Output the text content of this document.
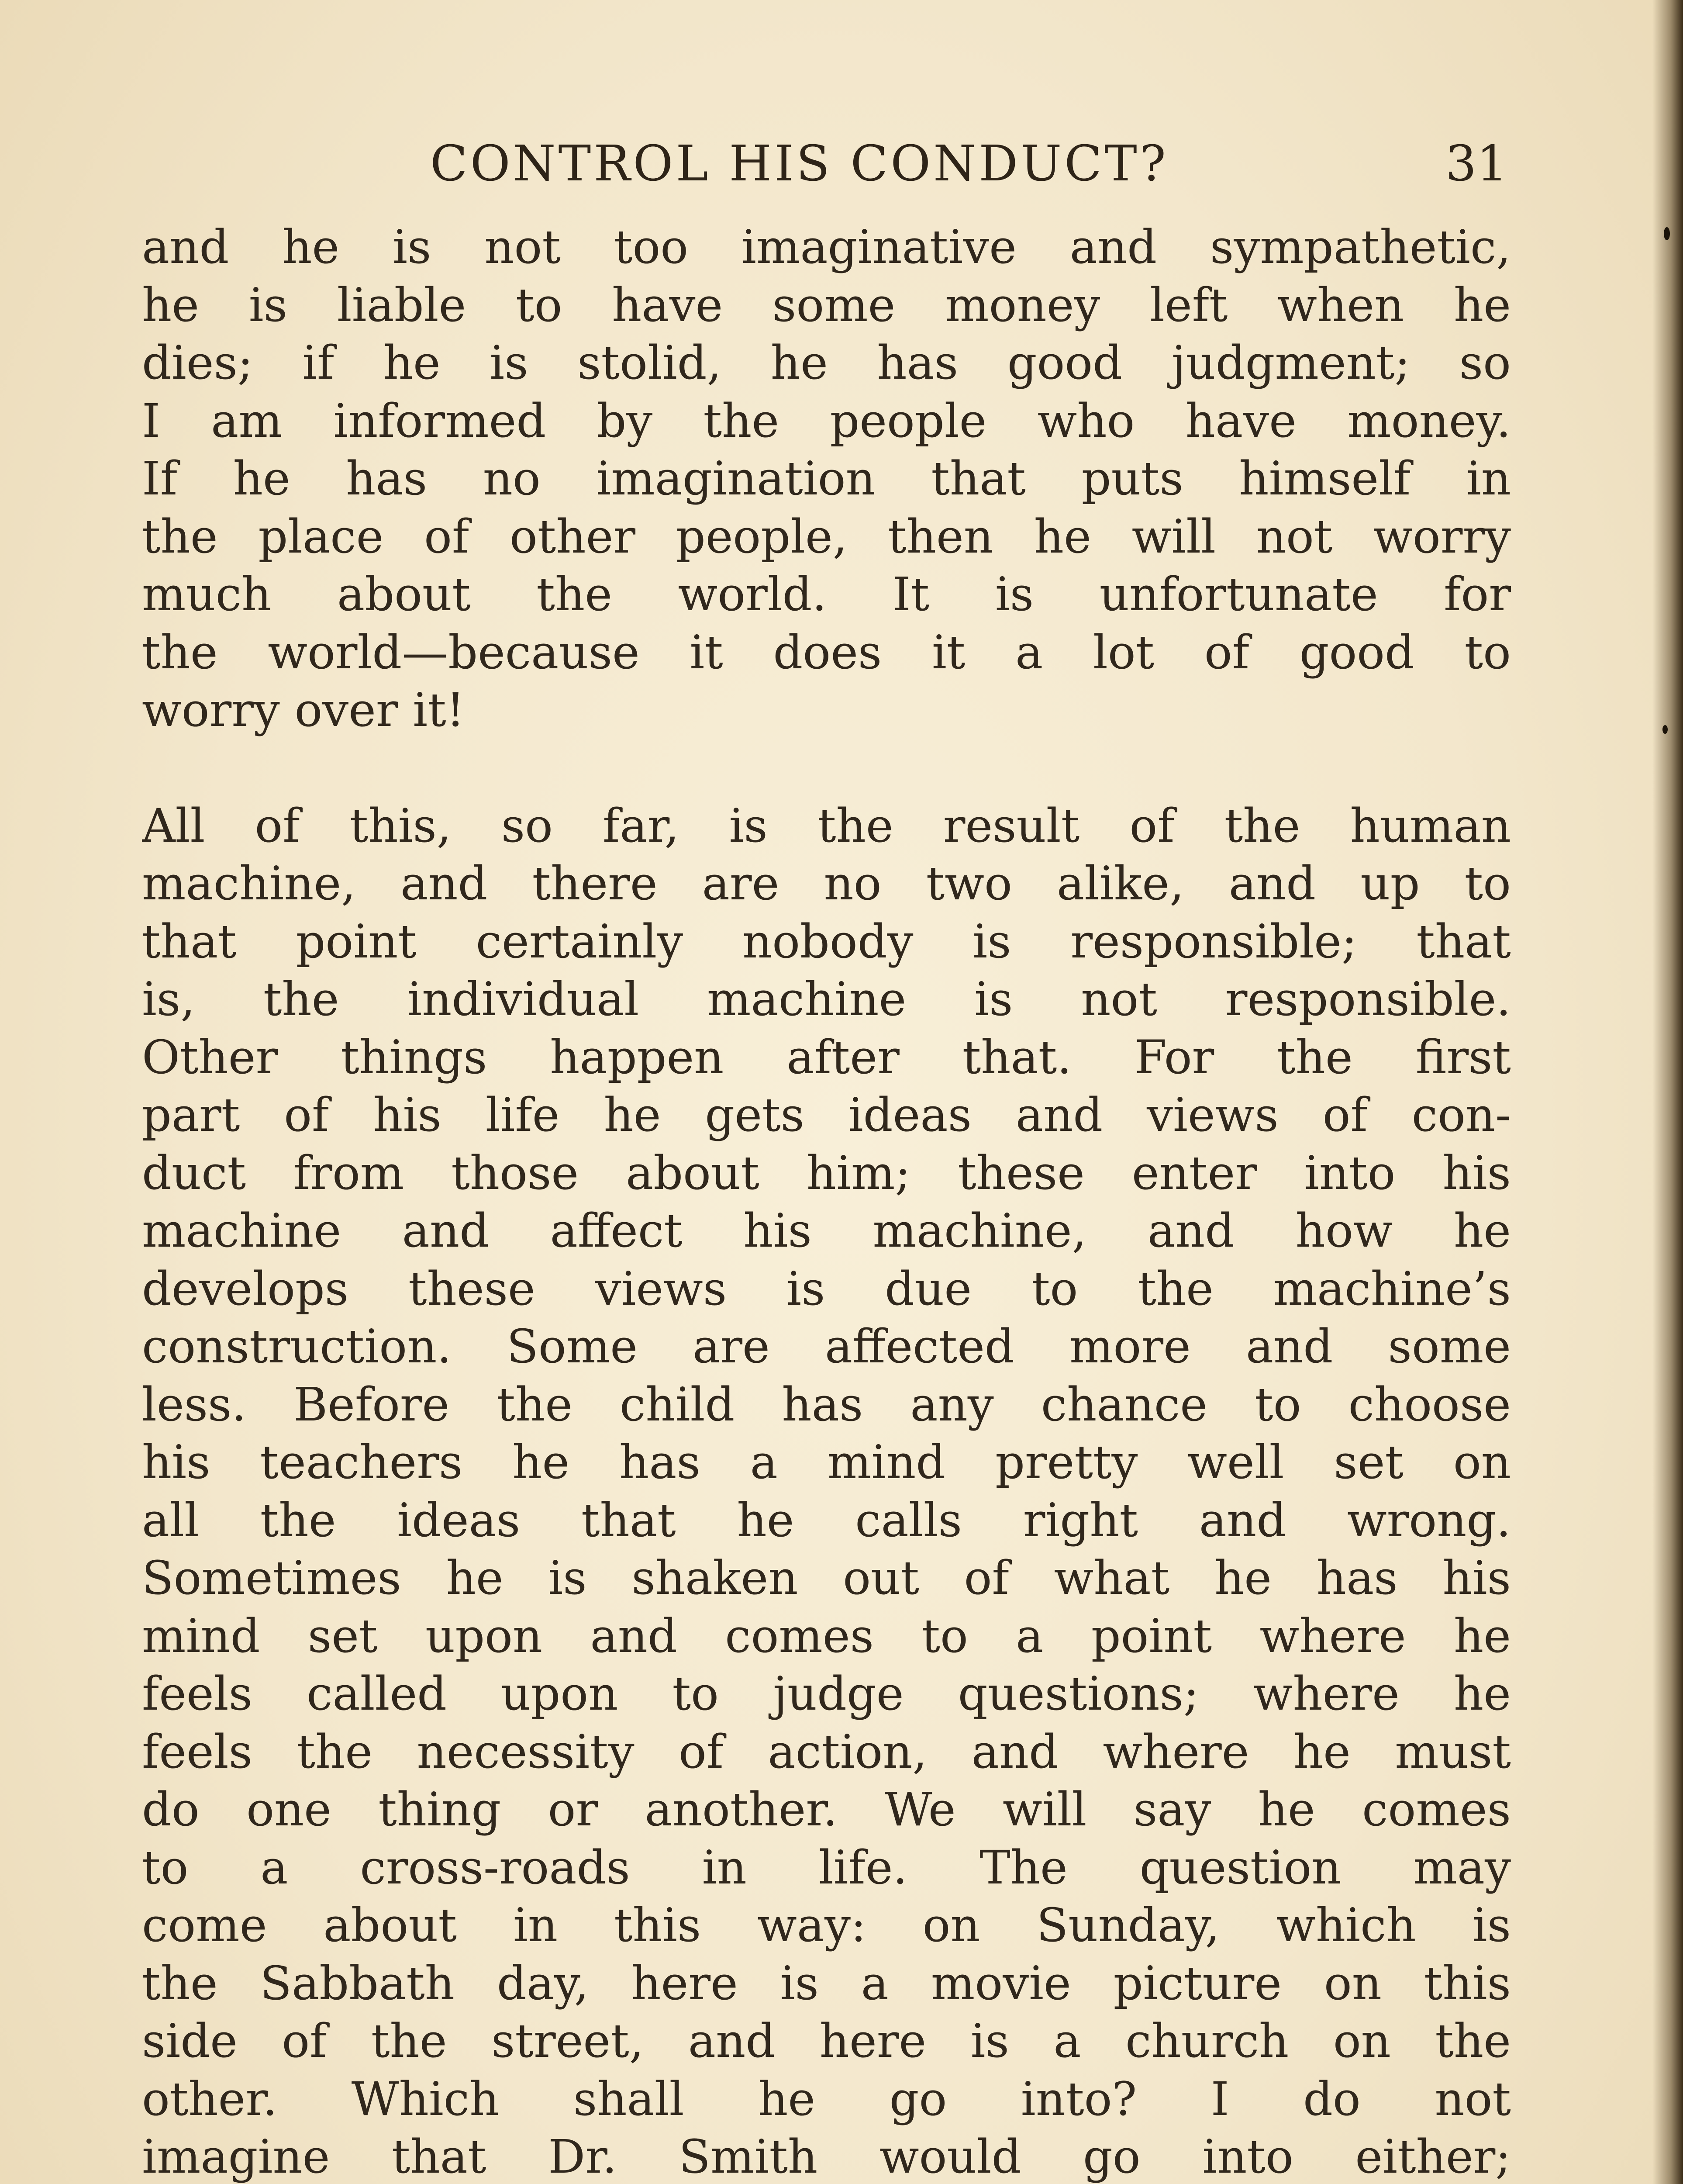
CONTROL HIS CONDUCT?	31
and he is not too imaginative and sympathetic,
he is liable to have some money left when he
dies; if he is stolid, he has good judgment; so
I am informed by the people who have money.
If he has no imagination that puts himself in
the place of other people, then he will not worry
much about the world. It is unfortunate for
the world—because it does it a lot of good to
worry over it!
All of this, so far, is the result of the human
machine, and there are no two alike, and up to
that point certainly nobody is responsible; that
is, the individual machine is not responsible.
Other things happen after that. For the first
part of his life he gets ideas and views of con-
duct from those about him; these enter into his
machine and affect his machine, and how he
develops these views is due to the machine’s
construction. Some are affected more and some
less. Before the child has any chance to choose
his teachers he has a mind pretty well set on
all the ideas that he calls right and wrong.
Sometimes he is shaken out of what he has his
mind set upon and comes to a point where he
feels called upon to judge questions; where he
feels the necessity of action, and where he must
do one thing or another. We will say he comes
to a cross-roads in life. The question may
come about in this way: on Sunday, which is
the Sabbath day, here is a movie picture on this
side of the street, and here is a church on the
other. Which shall he go into? I do not
imagine that Dr. Smith would go into either;
